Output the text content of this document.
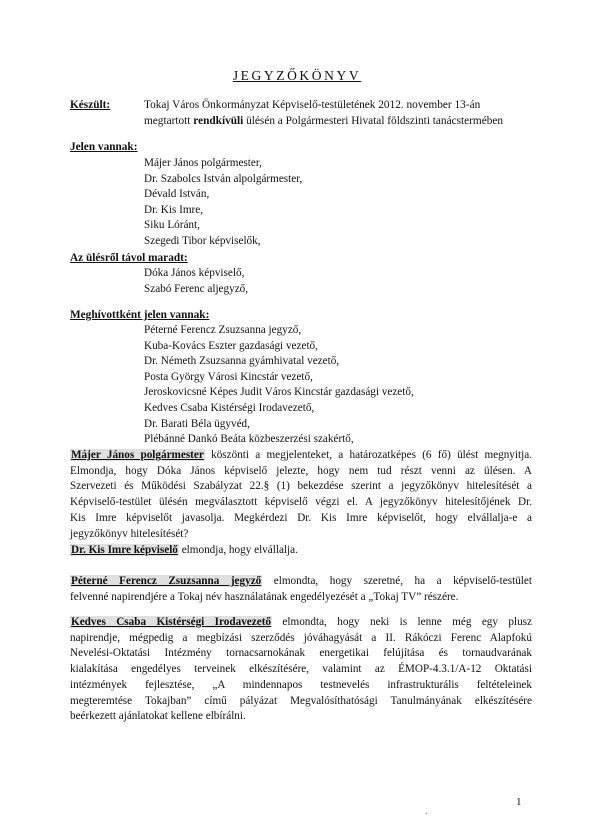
JEGYZŐKÖNYV
Készült:	Tokaj Város Önkormányzat Képviselő-testületének 2012. november 13-án
megtartott rendkívüli ülésén a Polgármesteri Hivatal földszinti tanácstermében
Jelen vannak:
Májer János polgármester,
Dr. Szabolcs István alpolgármester,
Dévald István,
Dr. Kis Imre,
Siku Lóránt,
Szegedi Tibor képviselők,
Az ülésről távol maradt:
Dóka János képviselő,
Szabó Ferenc aljegyző,
Meghívottként jelen vannak:
Péterné Ferencz Zsuzsanna jegyző,
Kuba-Kovács Eszter gazdasági vezető,
Dr. Németh Zsuzsanna gyámhivatal vezető,
Posta György Városi Kincstár vezető,
Jeroskovicsné Képes Judit Város Kincstár gazdasági vezető,
Kedves Csaba Kistérségi Irodavezető,
Dr. Barati Béla ügyvéd,
Plébánné Dankó Beáta közbeszerzési szakértő,
Májer János polgármester köszönti a megjelenteket, a határozatképes (6 fő) ülést megnyitja.
Elmondja, hogy Dóka János képviselő jelezte, hogy nem tud részt venni az ülésen. A
Szervezeti és Működési Szabályzat 22.§ (1) bekezdése szerint a jegyzőkönyv hitelesítését a
Képviselő-testület ülésén megválasztott képviselő végzi el. A jegyzőkönyv hitelesítőjének Dr.
Kis Imre képviselőt javasolja. Megkérdezi Dr. Kis Imre képviselőt, hogy elvállalja-e a
jegyzőkönyv hitelesítését?
Dr. Kis Imre képviselő elmondja, hogy elvállalja.
Péterné Ferencz Zsuzsanna jegyző elmondta, hogy szeretné, ha a képviselő-testület
felvenné napirendjére a Tokaj név használatának engedélyezését a „Tokaj TV” részére.
Kedves Csaba Kistérségi Irodavezető elmondta, hogy neki is lenne még egy plusz
napirendje, mégpedig a megbízási szerződés jóváhagyását a II. Rákóczi Ferenc Alapfokú
Nevelési-Oktatási Intézmény tornacsarnokának energetikai felújítása és tornaudvarának
kialakítása engedélyes terveinek elkészítésére, valamint az ÉMOP-4.3.1/A-12 Oktatási
intézmények fejlesztése, „A mindennapos testnevelés infrastrukturális feltételeinek
megteremtése Tokajban” című pályázat Megvalósíthatósági Tanulmányának elkészítésére
beérkezett ajánlatokat kellene elbírálni.
.
1
